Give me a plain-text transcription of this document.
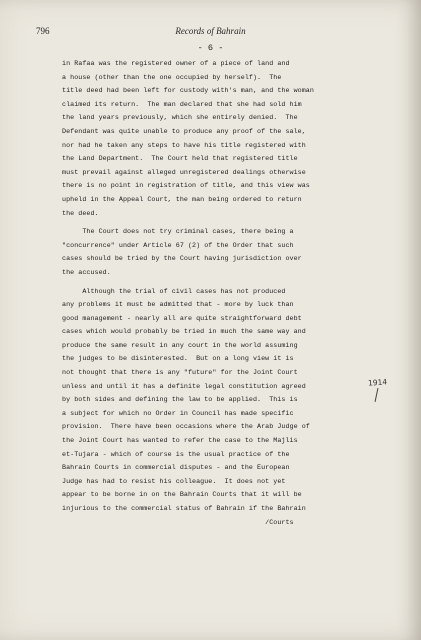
796	Records of Bahrain
- 6 -
in Rafaa was the registered owner of a piece of land and
a house (other than the one occupied by herself).  The
title deed had been left for custody with's man, and the woman
claimed its return.  The man declared that she had sold him
the land years previously, which she entirely denied.  The
Defendant was quite unable to produce any proof of the sale,
nor had he taken any steps to have his title registered with
the Land Department.  The Court held that registered title
must prevail against alleged unregistered dealings otherwise
there is no point in registration of title, and this view was
upheld in the Appeal Court, the man being ordered to return
the deed.
The Court does not try criminal cases, there being a
"concurrence" under Article 67 (2) of the Order that such
cases should be tried by the Court having jurisdiction over
the accused.
Although the trial of civil cases has not produced
any problems it must be admitted that - more by luck than
good management - nearly all are quite straightforward debt
cases which would probably be tried in much the same way and
produce the same result in any court in the world assuming
the judges to be disinterested.  But on a long view it is
not thought that there is any "future" for the Joint Court
unless and until it has a definite legal constitution agreed
by both sides and defining the law to be applied.  This is
a subject for which no Order in Council has made specific
provision.  There have been occasions where the Arab Judge of
the Joint Court has wanted to refer the case to the Majlis
et-Tujara - which of course is the usual practice of the
Bahrain Courts in commercial disputes - and the European
Judge has had to resist his colleague.  It does not yet
appear to be borne in on the Bahrain Courts that it will be
injurious to the commercial status of Bahrain if the Bahrain
/Courts
1914
